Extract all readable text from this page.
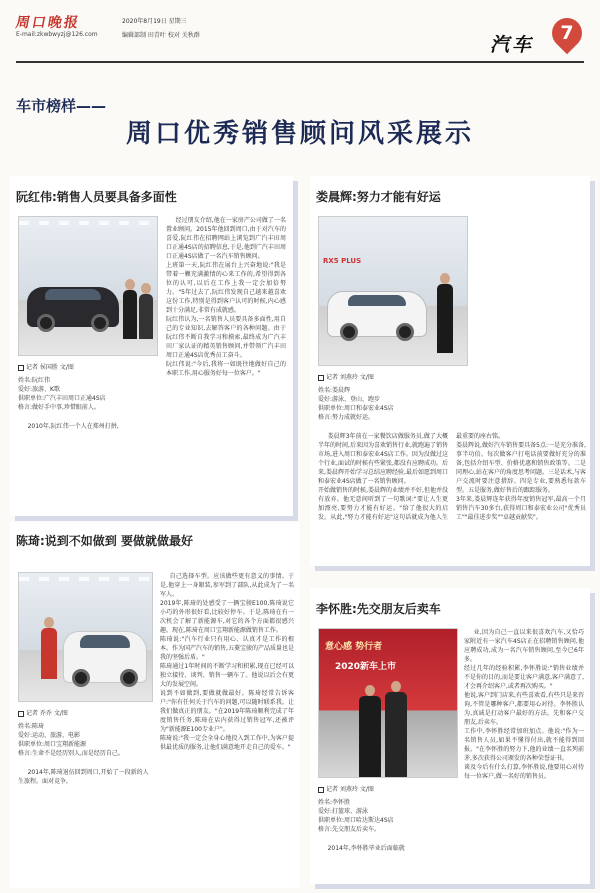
周口晚报
E-mail:zkwbwyzj@126.com
2020年8月19日 星期三
编辑部制 田青叶 校对 关秋群	汽车
7
车市榜样——
周口优秀销售顾问风采展示
阮红伟:销售人员要具备多面性
记者 侯国胜 文/图
姓名:阮红伟
爱好:旅游、K歌
供职单位:广汽丰田周口正通4S店
格言:做好手中事,珍惜眼前人。
2010年,阮红伟一个人在郑州打拼,
经过朋友介绍,他在一家房产公司做了一名置业顾问。2015年他回到周口,由于对汽车的喜爱,阮红伟在招聘网站上浏览到广汽丰田周口正通4S店的招聘信息,于是,他到广汽丰田周口正通4S店做了一名汽车销售顾问。
上班第一天,阮红伟在展台上兴奋地说:"我是带着一颗充满激情的心来工作的,希望得到各位的认可,以后在工作上我一定会加倍努力。"5年过去了,阮红伟发现自己越来越喜欢这份工作,特别是得到客户认可的时候,内心感到十分满足,非常有成就感。
阮红伟认为,一名销售人员要具备多面性,用自己的专业知识,去解答客户的各种问题。由于阮红伟不断自我学习和摸索,最终成为广汽丰田厂家认证的精英销售顾问,并带领广汽丰田周口正通4S店优秀员工奋斗。
阮红伟说:"今后,我将一如既往地做好自己的本职工作,用心服务好每一位客户。"
娄晨辉:努力才能有好运
RX5 PLUS
记者 刘燕玲 文/图
姓名:娄晨辉
爱好:游泳、登山、跑步
供职单位:周口和泰宏业4S店
格言:努力成就好运。
娄晨辉3年前在一家餐饮店做服务员,做了大概半年的时间,后来因为喜欢销售行业,就跑遍了销售市场,进入周口和泰宏业4S店工作。因为没做过这个行业,面试的时候有些紧张,都没有应聘成功。后来,娄晨辉开始学习总结应聘经验,最后如愿到周口和泰宏业4S店做了一名销售顾问。
开始做销售的时候,娄晨辉的业绩并不好,但他并没有放弃。他无意间听到了一句歌词:"要让人生更加漂亮,要努力才能有好运。"给了他很大的启发。从此,"努力才能有好运"这句话就成为他人生最重要的座右铭。
娄晨辉说,做好汽车销售要具备5点:一是充分准备,事半功倍。每次做客户打电话前要做好充分的准备,包括介绍车型、价格优惠和销售政策等。二是同理心,站在客户的角度思考问题。三是话术,与客户交流时要注意措辞。四是专业,要熟悉每款车型。五是服务,做好售后的跟踪服务。
3年来,娄晨辉连年获得年度销售冠军,最高一个月销售汽车30多台,获得周口和泰宏业公司"优秀员工""最佳进步奖""卓越贡献奖"。
陈琦:说到不如做到 要做就做最好
记者 乔乔 文/图
姓名:陈琦
爱好:运动、旅游、电影
供职单位:周口宝翔新能源
格言:生命不是经历别人,而是经历自己。
2014年,陈琦退伍回到周口,开始了一段新的人生旅程。面对竞争,
自己选择车型。应该做些更有意义的事情。于是,他穿上一身銀装,参军到了部队,从此成为了一名军人。
2019年,陈琦的处感受了一辆宝骏E100,陈琦说它小巧的外形很好看,比较好停车。于是,陈琦在有一次机会了解了新能源车,对它的各个方面都很感兴趣。现在,陈琦在周口宝翔新能源做销售工作。
陈琦说:"汽车行业只有用心、认真才是工作的根本。作为国产汽车的销售,五菱宝骏的产品质量也是我的坚强后盾。"
陈琦通过1年时间的不断学习和积累,现在已经可以独立接待、谈判、销售一辆车了。他说以后会有更大的发展空间。
说到不如做到,要做就做最好。陈琦经常告诉客户:"你有任何关于汽车的问题,可以随时联系我。让我们做真正的朋友。"在2019年陈琦顺利完成了年度销售任务,陈琦在店内获得过销售冠军,还被评为"新能源E100专业户"。
陈琦说:"我一定会全身心地投入到工作中,为客户提供最优质的服务,让他们满意地开走自己的爱车。"
李怀胜:先交朋友后卖车
意心感 势行者
2020新车上市
记者 刘燕玲 文/图
姓名:李怀胜
爱好:打篮球、游泳
供职单位:周口哈达斯达4S店
格言:先交朋友后卖车。
2014年,李怀胜毕业后面临就
业,因为自己一直以来很喜欢汽车,又恰巧家附近有一家汽车4S店正在招聘销售顾问,他应聘成功,成为一名汽车销售顾问,至今已6年多。
经过几年的经验积累,李怀胜说:"销售业绩并不是你的目的,而是要让客户满意,客户满意了,才会再介绍客户,或者再次购买。"
他说,客户到门店来,有些喜欢看,有些只是来咨询,不管是哪种客户,都要用心对待。李怀胜认为,真诚是打动客户最好的方法。先和客户交朋友,后卖车。
工作中,李怀胜经常加班加点。他说:"作为一名销售人员,如果不懂得付出,就不能得到回报。"在李怀胜的努力下,他的业绩一直名列前茅,多次获得公司颁发的各种荣誉证书。
谈及今后有什么打算,李怀胜说,他要用心对待每一位客户,做一名好的销售员。
